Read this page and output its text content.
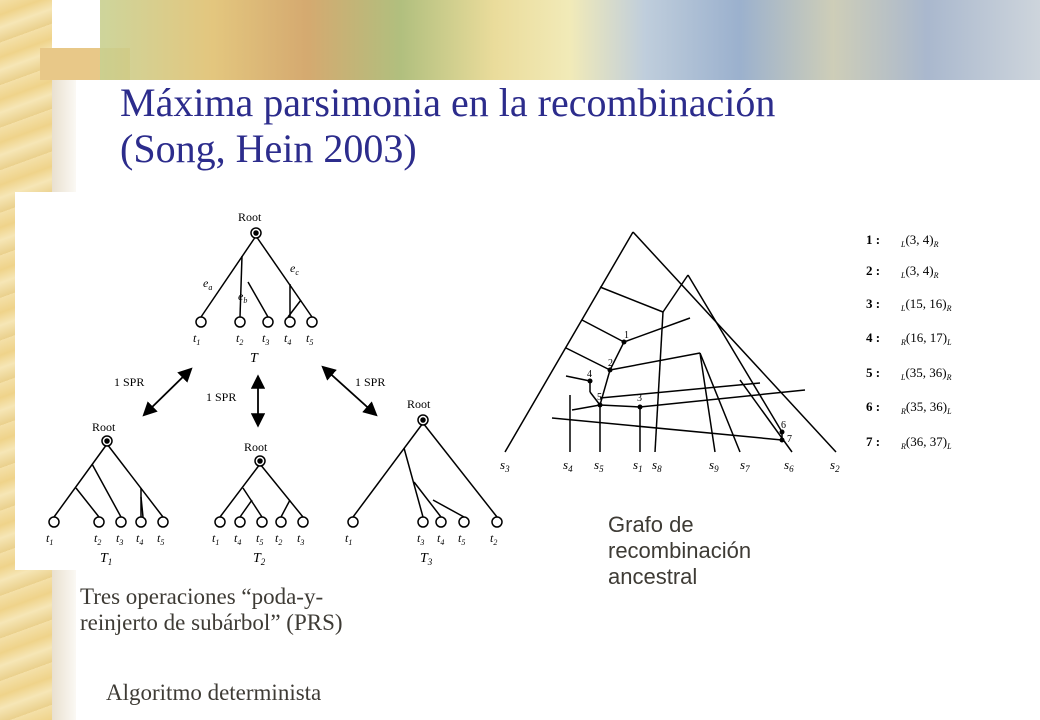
Máxima parsimonia en la recombinación
(Song, Hein 2003)
Root
$e_a$
$e_b$
$e_c$
$t_1$	$t_2$ $t_3$ $t_4$ $t_5$
T
1 SPR
1 SPR
1 SPR
Root
$t_1$	$t_2$ $t_3$ $t_4$ $t_5$
$T_1$
Root
$t_1$ $t_4$ $t_5$ $t_2$ $t_3$
$T_2$
Root
$t_1$	$t_3$ $t_4$ $t_5$ $t_2$
$T_3$
1
2
4
5	3
6
7
$s_3$	$s_4$ $s_5$ $s_1$ $s_8$	$s_9$ $s_7$	$s_6$	$s_2$
1 :	$_L$(3, $4)_R$
2 :	$_L$(3, $4)_R$
3 :	$_L$(15, $16)_R$
4 :	$_R$(16, $17)_L$
5 :	$_L$(35, $36)_R$
6 :	$_R$(35, $36)_L$
7 :	$_R$(36, $37)_L$
Grafo de
recombinación
ancestral
Tres operaciones “poda-y-
reinjerto de subárbol” (PRS)
Algoritmo determinista
